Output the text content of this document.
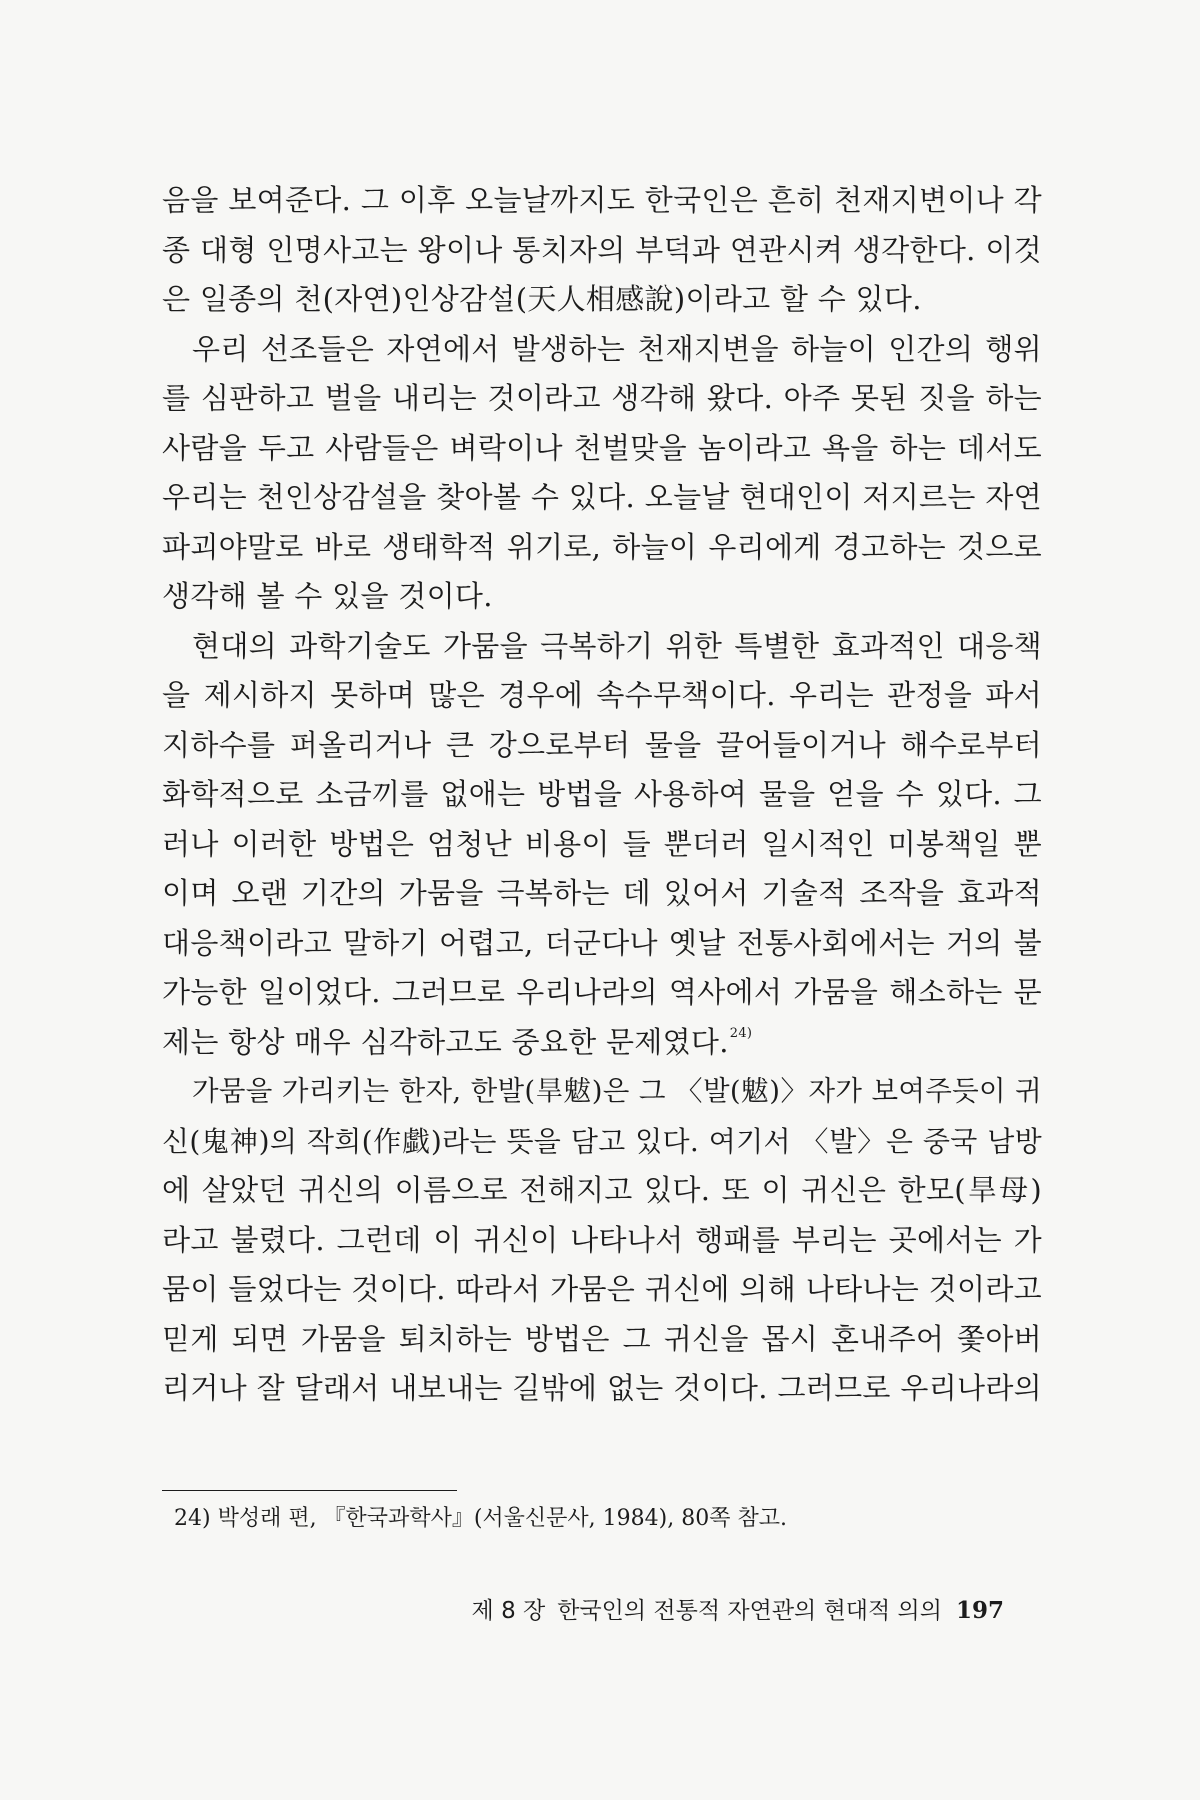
음을 보여준다. 그 이후 오늘날까지도 한국인은 흔히 천재지변이나 각
종 대형 인명사고는 왕이나 통치자의 부덕과 연관시켜 생각한다. 이것
은 일종의 천(자연)인상감설(天人相感說)이라고 할 수 있다.
우리 선조들은 자연에서 발생하는 천재지변을 하늘이 인간의 행위
를 심판하고 벌을 내리는 것이라고 생각해 왔다. 아주 못된 짓을 하는
사람을 두고 사람들은 벼락이나 천벌맞을 놈이라고 욕을 하는 데서도
우리는 천인상감설을 찾아볼 수 있다. 오늘날 현대인이 저지르는 자연
파괴야말로 바로 생태학적 위기로, 하늘이 우리에게 경고하는 것으로
생각해 볼 수 있을 것이다.
현대의 과학기술도 가뭄을 극복하기 위한 특별한 효과적인 대응책
을 제시하지 못하며 많은 경우에 속수무책이다. 우리는 관정을 파서
지하수를 퍼올리거나 큰 강으로부터 물을 끌어들이거나 해수로부터
화학적으로 소금끼를 없애는 방법을 사용하여 물을 얻을 수 있다. 그
러나 이러한 방법은 엄청난 비용이 들 뿐더러 일시적인 미봉책일 뿐
이며 오랜 기간의 가뭄을 극복하는 데 있어서 기술적 조작을 효과적
대응책이라고 말하기 어렵고, 더군다나 옛날 전통사회에서는 거의 불
가능한 일이었다. 그러므로 우리나라의 역사에서 가뭄을 해소하는 문
제는 항상 매우 심각하고도 중요한 문제였다.$^{24)}$
가뭄을 가리키는 한자, 한발(旱魃)은 그 〈발(魃)〉자가 보여주듯이 귀
신(鬼神)의 작희(作戱)라는 뜻을 담고 있다. 여기서 〈발〉은 중국 남방
에 살았던 귀신의 이름으로 전해지고 있다. 또 이 귀신은 한모(旱母)
라고 불렸다. 그런데 이 귀신이 나타나서 행패를 부리는 곳에서는 가
뭄이 들었다는 것이다. 따라서 가뭄은 귀신에 의해 나타나는 것이라고
믿게 되면 가뭄을 퇴치하는 방법은 그 귀신을 몹시 혼내주어 쫓아버
리거나 잘 달래서 내보내는 길밖에 없는 것이다. 그러므로 우리나라의
24) 박성래 편, 『한국과학사』(서울신문사, 1984), 80쪽 참고.
제 8 장 한국인의 전통적 자연관의 현대적 의의 197
